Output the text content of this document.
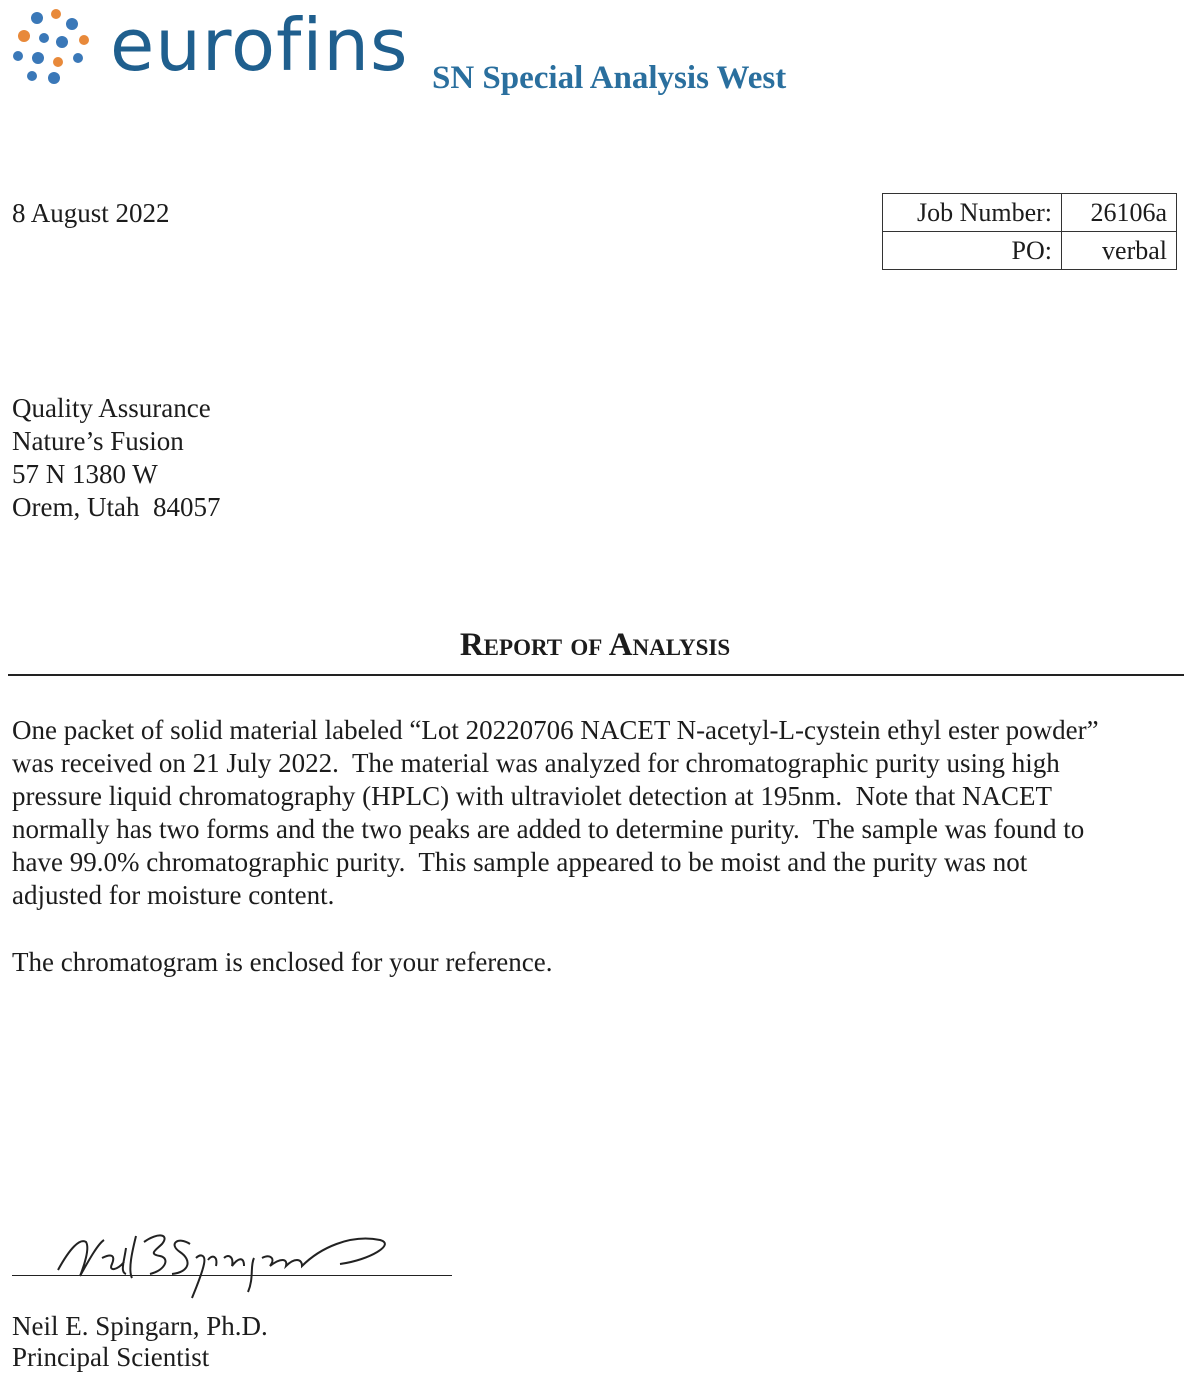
eurofins SN Special Analysis West
8 August 2022	Job Number:	26106a
PO:	verbal
Quality Assurance
Nature’s Fusion
57 N 1380 W
Orem, Utah  84057
Report of Analysis
One packet of solid material labeled “Lot 20220706 NACET N-acetyl-L-cystein ethyl ester powder”
was received on 21 July 2022.  The material was analyzed for chromatographic purity using high
pressure liquid chromatography (HPLC) with ultraviolet detection at 195nm.  Note that NACET
normally has two forms and the two peaks are added to determine purity.  The sample was found to
have 99.0% chromatographic purity.  This sample appeared to be moist and the purity was not
adjusted for moisture content.
The chromatogram is enclosed for your reference.
Neil E. Spingarn, Ph.D.
Principal Scientist
